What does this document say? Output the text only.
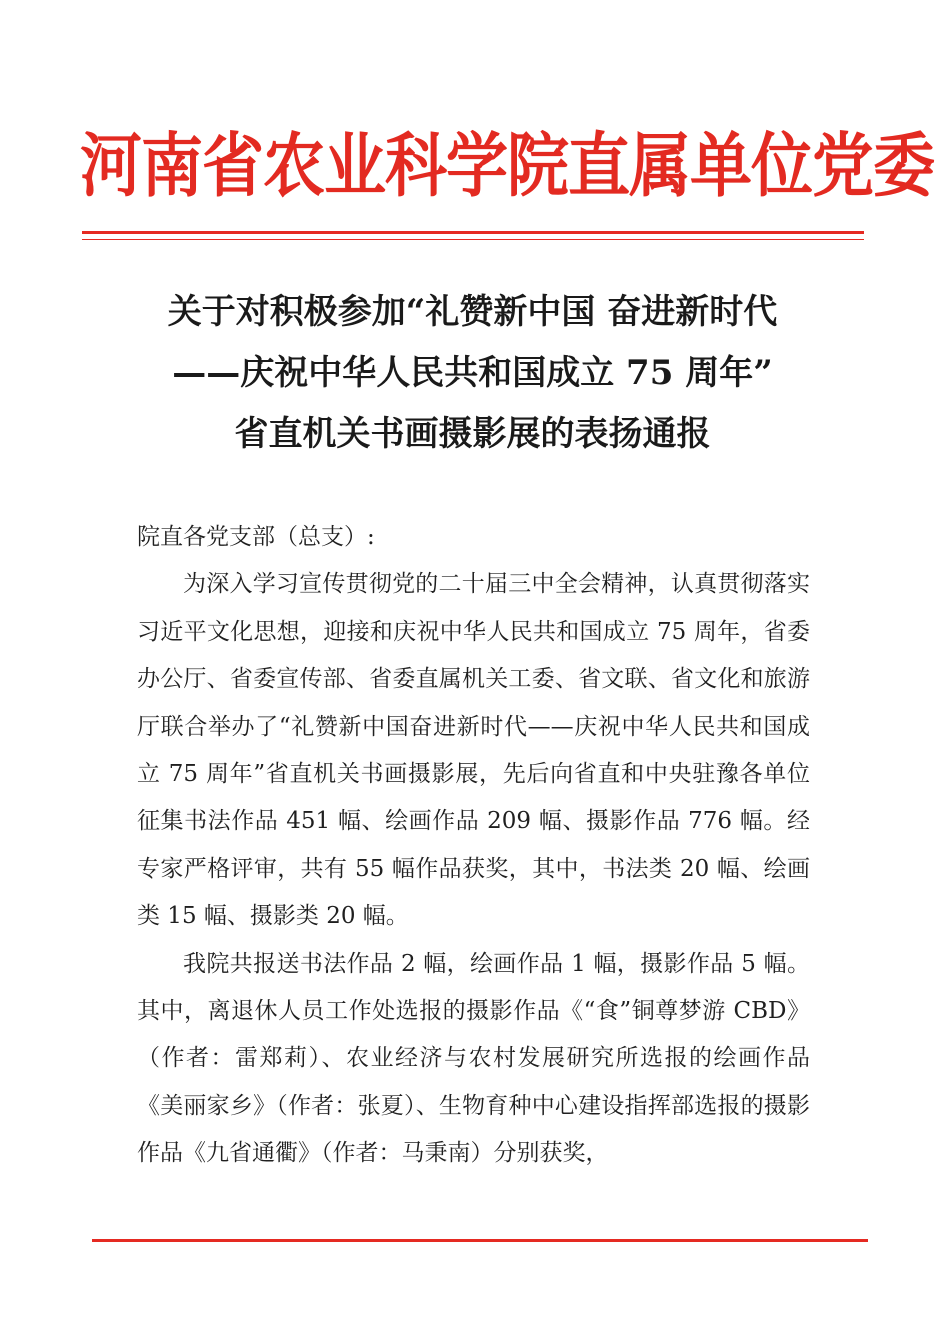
河南省农业科学院直属单位党委
关于对积极参加“礼赞新中国 奋进新时代
——庆祝中华人民共和国成立 75 周年”
省直机关书画摄影展的表扬通报

院直各党支部（总支）:

为深入学习宣传贯彻党的二十届三中全会精神，认真贯彻落实习近平文化思想，迎接和庆祝中华人民共和国成立 75 周年，省委办公厅、省委宣传部、省委直属机关工委、省文联、省文化和旅游厅联合举办了“礼赞新中国奋进新时代——庆祝中华人民共和国成立 75 周年”省直机关书画摄影展，先后向省直和中央驻豫各单位征集书法作品 451 幅、绘画作品 209 幅、摄影作品 776 幅。经专家严格评审，共有 55 幅作品获奖，其中，书法类 20 幅、绘画类 15 幅、摄影类 20 幅。

我院共报送书法作品 2 幅，绘画作品 1 幅，摄影作品 5 幅。其中，离退休人员工作处选报的摄影作品《“食”铜尊梦游 CBD》（作者：雷郑莉）、农业经济与农村发展研究所选报的绘画作品《美丽家乡》（作者：张夏）、生物育种中心建设指挥部选报的摄影作品《九省通衢》（作者：马秉南）分别获奖，
